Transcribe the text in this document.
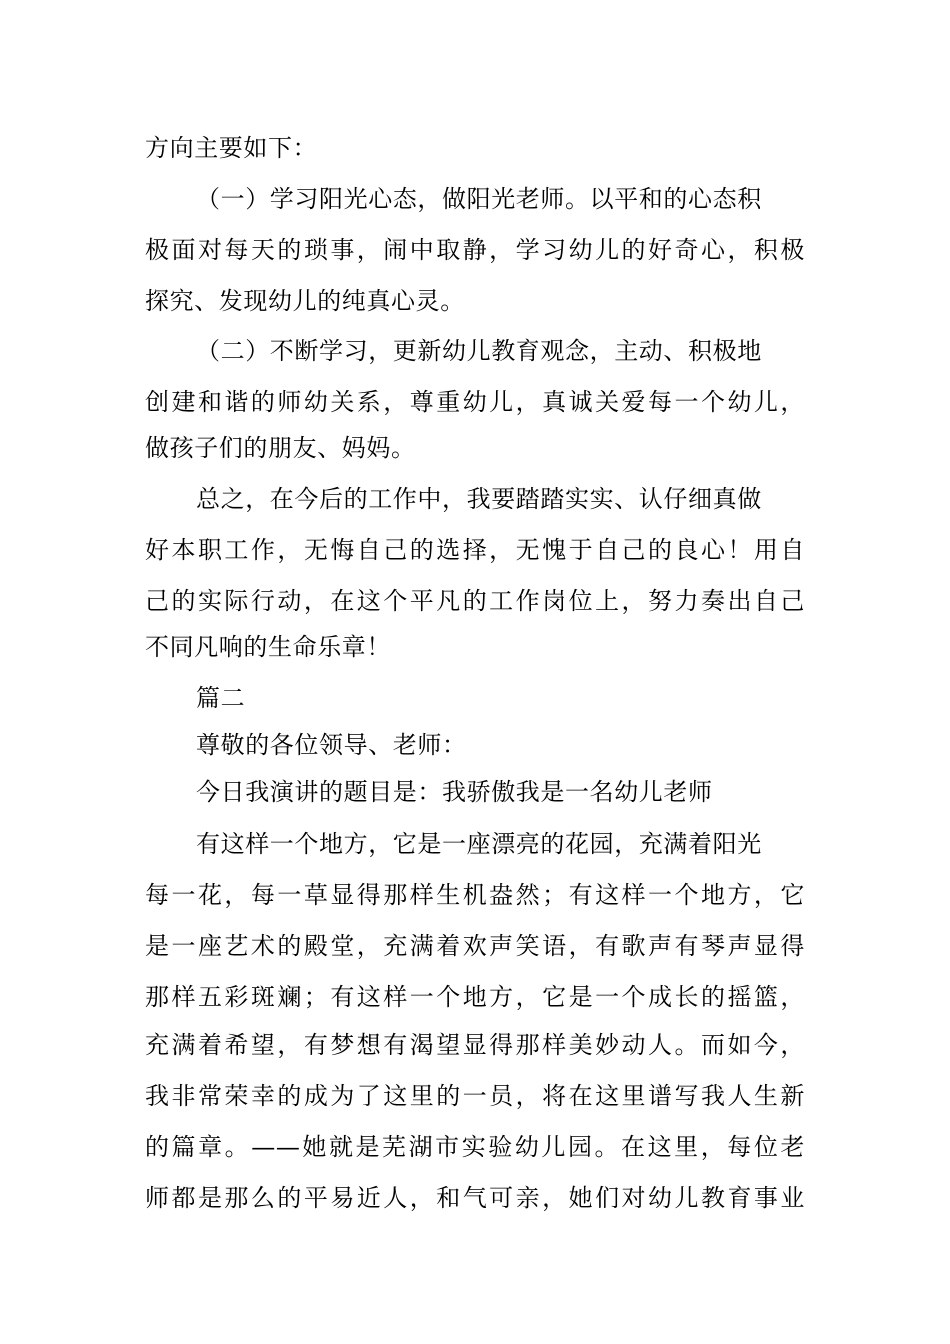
方向主要如下：
（一）学习阳光心态，做阳光老师。以平和的心态积
极面对每天的琐事，闹中取静，学习幼儿的好奇心，积极
探究、发现幼儿的纯真心灵。
（二）不断学习，更新幼儿教育观念，主动、积极地
创建和谐的师幼关系，尊重幼儿，真诚关爱每一个幼儿，
做孩子们的朋友、妈妈。
总之，在今后的工作中，我要踏踏实实、认仔细真做
好本职工作，无悔自己的选择，无愧于自己的良心！用自
己的实际行动，在这个平凡的工作岗位上，努力奏出自己
不同凡响的生命乐章！
篇二
尊敬的各位领导、老师：
今日我演讲的题目是：我骄傲我是一名幼儿老师
有这样一个地方，它是一座漂亮的花园，充满着阳光
每一花，每一草显得那样生机盎然；有这样一个地方，它
是一座艺术的殿堂，充满着欢声笑语，有歌声有琴声显得
那样五彩斑斓；有这样一个地方，它是一个成长的摇篮，
充满着希望，有梦想有渴望显得那样美妙动人。而如今，
我非常荣幸的成为了这里的一员，将在这里谱写我人生新
的篇章。——她就是芜湖市实验幼儿园。在这里，每位老
师都是那么的平易近人，和气可亲，她们对幼儿教育事业
